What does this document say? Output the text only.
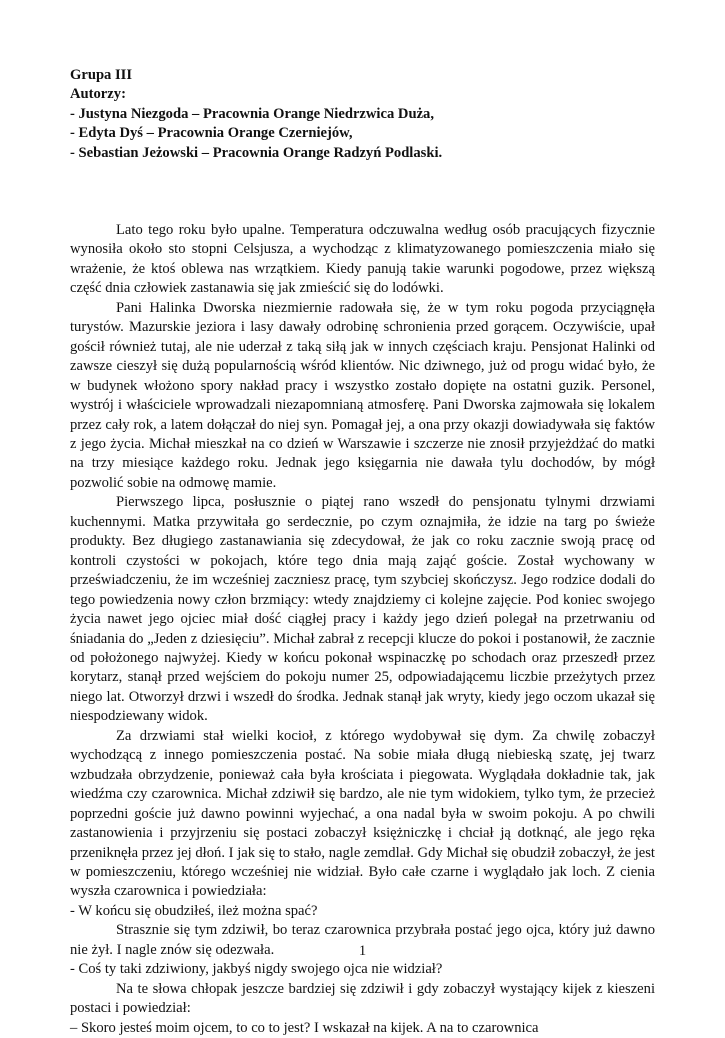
Grupa III
Autorzy:
- Justyna Niezgoda – Pracownia Orange Niedrzwica Duża,
- Edyta Dyś – Pracownia Orange Czerniejów,
- Sebastian Jeżowski – Pracownia Orange Radzyń Podlaski.

Lato tego roku było upalne. Temperatura odczuwalna według osób pracujących fizycznie wynosiła około sto stopni Celsjusza, a wychodząc z klimatyzowanego pomieszczenia miało się wrażenie, że ktoś oblewa nas wrzątkiem. Kiedy panują takie warunki pogodowe, przez większą część dnia człowiek zastanawia się jak zmieścić się do lodówki.

Pani Halinka Dworska niezmiernie radowała się, że w tym roku pogoda przyciągnęła turystów. Mazurskie jeziora i lasy dawały odrobinę schronienia przed gorącem. Oczywiście, upał gościł również tutaj, ale nie uderzał z taką siłą jak w innych częściach kraju. Pensjonat Halinki od zawsze cieszył się dużą popularnością wśród klientów. Nic dziwnego, już od progu widać było, że w budynek włożono spory nakład pracy i wszystko zostało dopięte na ostatni guzik. Personel, wystrój i właściciele wprowadzali niezapomnianą atmosferę. Pani Dworska zajmowała się lokalem przez cały rok, a latem dołączał do niej syn. Pomagał jej, a ona przy okazji dowiadywała się faktów z jego życia. Michał mieszkał na co dzień w Warszawie i szczerze nie znosił przyjeżdżać do matki na trzy miesiące każdego roku. Jednak jego księgarnia nie dawała tylu dochodów, by mógł pozwolić sobie na odmowę mamie.

Pierwszego lipca, posłusznie o piątej rano wszedł do pensjonatu tylnymi drzwiami kuchennymi. Matka przywitała go serdecznie, po czym oznajmiła, że idzie na targ po świeże produkty. Bez długiego zastanawiania się zdecydował, że jak co roku zacznie swoją pracę od kontroli czystości w pokojach, które tego dnia mają zająć goście. Został wychowany w przeświadczeniu, że im wcześniej zaczniesz pracę, tym szybciej skończysz. Jego rodzice dodali do tego powiedzenia nowy człon brzmiący: wtedy znajdziemy ci kolejne zajęcie. Pod koniec swojego życia nawet jego ojciec miał dość ciągłej pracy i każdy jego dzień polegał na przetrwaniu od śniadania do „Jeden z dziesięciu”. Michał zabrał z recepcji klucze do pokoi i postanowił, że zacznie od położonego najwyżej. Kiedy w końcu pokonał wspinaczkę po schodach oraz przeszedł przez korytarz, stanął przed wejściem do pokoju numer 25, odpowiadającemu liczbie przeżytych przez niego lat. Otworzył drzwi i wszedł do środka. Jednak stanął jak wryty, kiedy jego oczom ukazał się niespodziewany widok.

Za drzwiami stał wielki kocioł, z którego wydobywał się dym. Za chwilę zobaczył wychodzącą z innego pomieszczenia postać. Na sobie miała długą niebieską szatę, jej twarz wzbudzała obrzydzenie, ponieważ cała była krościata i piegowata. Wyglądała dokładnie tak, jak wiedźma czy czarownica. Michał zdziwił się bardzo, ale nie tym widokiem, tylko tym, że przecież poprzedni goście już dawno powinni wyjechać, a ona nadal była w swoim pokoju. A po chwili zastanowienia i przyjrzeniu się postaci zobaczył księżniczkę i chciał ją dotknąć, ale jego ręka przeniknęła przez jej dłoń. I jak się to stało, nagle zemdlał. Gdy Michał się obudził zobaczył, że jest w pomieszczeniu, którego wcześniej nie widział. Było całe czarne i wyglądało jak loch. Z cienia wyszła czarownica i powiedziała:

- W końcu się obudziłeś, ileż można spać?

Strasznie się tym zdziwił, bo teraz czarownica przybrała postać jego ojca, który już dawno nie żył. I nagle znów się odezwała.

- Coś ty taki zdziwiony, jakbyś nigdy swojego ojca nie widział?

Na te słowa chłopak jeszcze bardziej się zdziwił i gdy zobaczył wystający kijek z kieszeni postaci i powiedział:

– Skoro jesteś moim ojcem, to co to jest? I wskazał na kijek. A na to czarownica

1
